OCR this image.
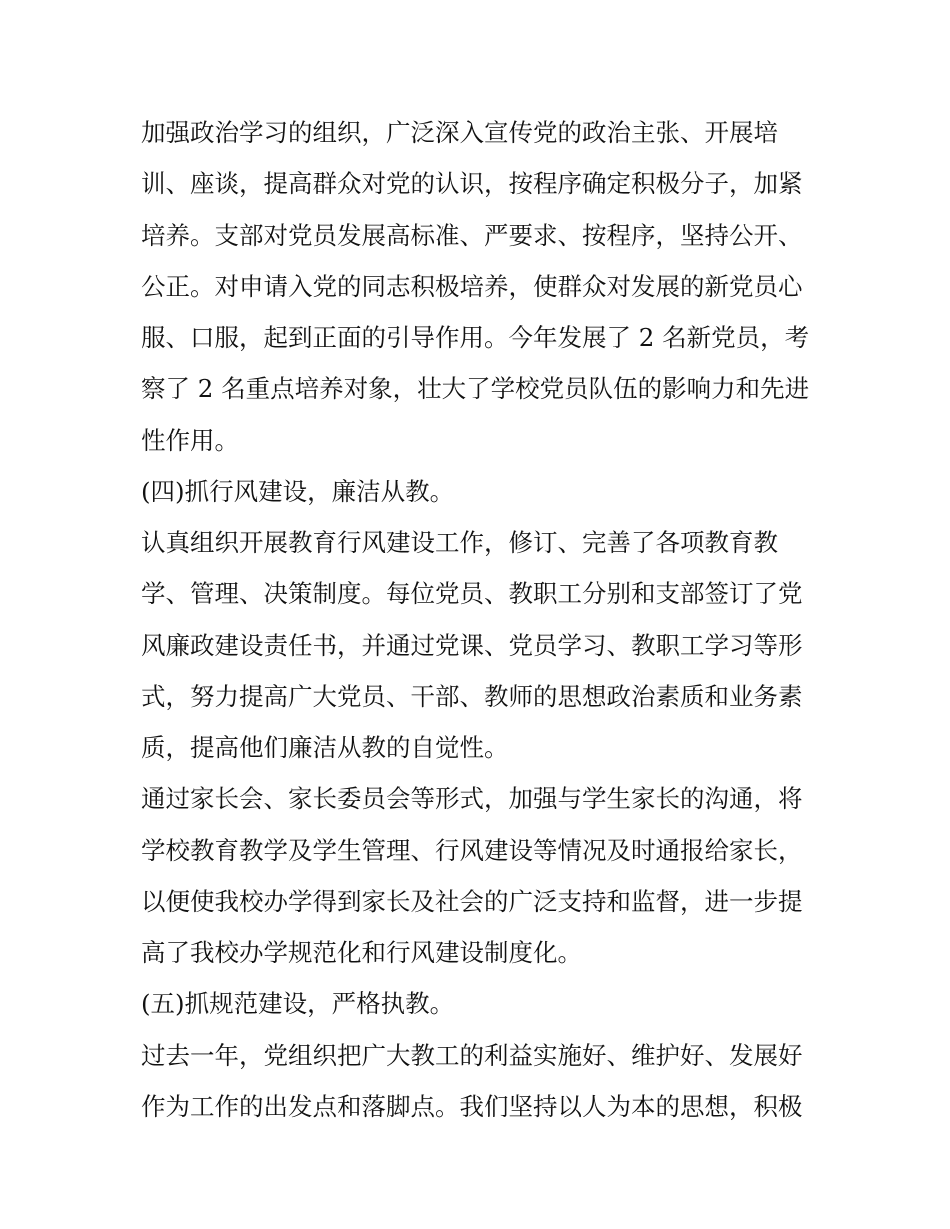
加强政治学习的组织，广泛深入宣传党的政治主张、开展培
训、座谈，提高群众对党的认识，按程序确定积极分子，加紧
培养。支部对党员发展高标准、严要求、按程序，坚持公开、
公正。对申请入党的同志积极培养，使群众对发展的新党员心
服、口服，起到正面的引导作用。今年发展了 2 名新党员，考
察了 2 名重点培养对象，壮大了学校党员队伍的影响力和先进
性作用。
(四)抓行风建设，廉洁从教。
认真组织开展教育行风建设工作，修订、完善了各项教育教
学、管理、决策制度。每位党员、教职工分别和支部签订了党
风廉政建设责任书，并通过党课、党员学习、教职工学习等形
式，努力提高广大党员、干部、教师的思想政治素质和业务素
质，提高他们廉洁从教的自觉性。
通过家长会、家长委员会等形式，加强与学生家长的沟通，将
学校教育教学及学生管理、行风建设等情况及时通报给家长，
以便使我校办学得到家长及社会的广泛支持和监督，进一步提
高了我校办学规范化和行风建设制度化。
(五)抓规范建设，严格执教。
过去一年，党组织把广大教工的利益实施好、维护好、发展好
作为工作的出发点和落脚点。我们坚持以人为本的思想，积极
